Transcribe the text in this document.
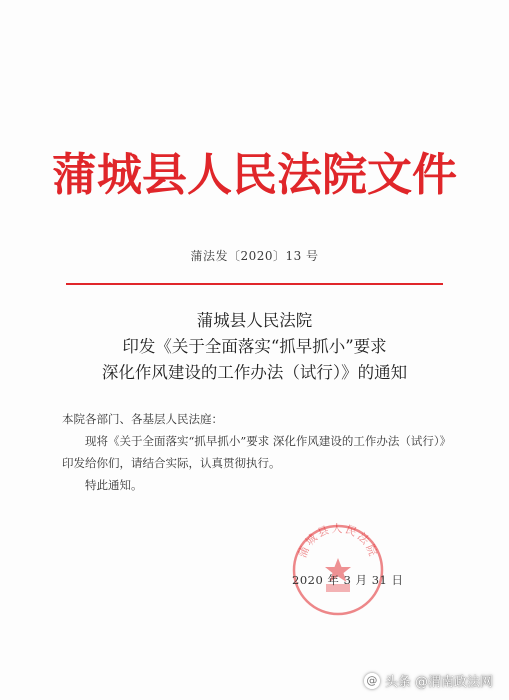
蒲城县人民法院文件
蒲法发〔2020〕13 号
蒲城县人民法院
印发《关于全面落实“抓早抓小”要求
深化作风建设的工作办法（试行）》的通知
本院各部门、各基层人民法庭：
现将《关于全面落实“抓早抓小”要求 深化作风建设的工作办法（试行）》印发给你们，请结合实际，认真贯彻执行。
特此通知。
蒲城县人民法院
2020 年 3 月 31 日
@ 头条 @渭南政法网
